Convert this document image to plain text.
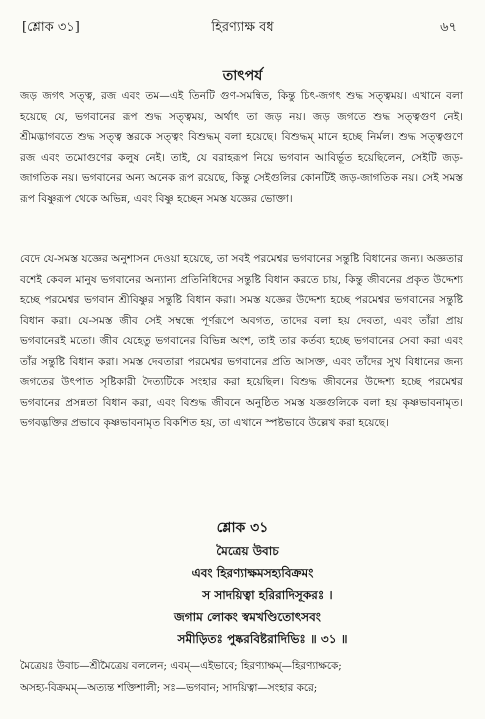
[শ্লোক ৩১]	হিরণ্যাক্ষ বধ	৬৭
তাৎপর্য
জড় জগৎ সত্ত্ব, রজ এবং তম—এই তিনটি গুণ-সমন্বিত, কিন্তু চিৎ-জগৎ শুদ্ধ সত্ত্বময়। এখানে বলা হয়েছে যে, ভগবানের রূপ শুদ্ধ সত্ত্বময়, অর্থাৎ তা জড় নয়। জড় জগতে শুদ্ধ সত্ত্বগুণ নেই। শ্রীমদ্ভাগবতে শুদ্ধ সত্ত্ব স্তরকে সত্ত্বং বিশুদ্ধম্ বলা হয়েছে। বিশুদ্ধম্ মানে হচ্ছে নির্মল। শুদ্ধ সত্ত্বগুণে রজ এবং তমোগুণের কলুষ নেই। তাই, যে বরাহরূপ নিয়ে ভগবান আবির্ভূত হয়েছিলেন, সেইটি জড়-জাগতিক নয়। ভগবানের অন্য অনেক রূপ রয়েছে, কিন্তু সেইগুলির কোনটিই জড়-জাগতিক নয়। সেই সমস্ত রূপ বিষ্ণুরূপ থেকে অভিন্ন, এবং বিষ্ণু হচ্ছেন সমস্ত যজ্ঞের ভোক্তা।
বেদে যে-সমস্ত যজ্ঞের অনুশাসন দেওয়া হয়েছে, তা সবই পরমেশ্বর ভগবানের সন্তুষ্টি বিধানের জন্য। অজ্ঞতার বশেই কেবল মানুষ ভগবানের অন্যান্য প্রতিনিধিদের সন্তুষ্টি বিধান করতে চায়, কিন্তু জীবনের প্রকৃত উদ্দেশ্য হচ্ছে পরমেশ্বর ভগবান শ্রীবিষ্ণুর সন্তুষ্টি বিধান করা। সমস্ত যজ্ঞের উদ্দেশ্য হচ্ছে পরমেশ্বর ভগবানের সন্তুষ্টি বিধান করা। যে-সমস্ত জীব সেই সম্বন্ধে পূর্ণরূপে অবগত, তাদের বলা হয় দেবতা, এবং তাঁরা প্রায় ভগবানেরই মতো। জীব যেহেতু ভগবানের বিভিন্ন অংশ, তাই তার কর্তব্য হচ্ছে ভগবানের সেবা করা এবং তাঁর সন্তুষ্টি বিধান করা। সমস্ত দেবতারা পরমেশ্বর ভগবানের প্রতি আসক্ত, এবং তাঁদের সুখ বিধানের জন্য জগতের উৎপাত সৃষ্টিকারী দৈত্যটিকে সংহার করা হয়েছিল। বিশুদ্ধ জীবনের উদ্দেশ্য হচ্ছে পরমেশ্বর ভগবানের প্রসন্নতা বিধান করা, এবং বিশুদ্ধ জীবনে অনুষ্ঠিত সমস্ত যজ্ঞগুলিকে বলা হয় কৃষ্ণভাবনামৃত। ভগবদ্ভক্তির প্রভাবে কৃষ্ণভাবনামৃত বিকশিত হয়, তা এখানে স্পষ্টভাবে উল্লেখ করা হয়েছে।
শ্লোক ৩১
মৈত্রেয় উবাচ
এবং হিরণ্যাক্ষমসহ্যবিক্রমং
স সাদয়িত্বা হরিরাদিসূকরঃ ।
জগাম লোকং স্বমখণ্ডিতোৎসবং
সমীড়িতঃ পুষ্করবিষ্টরাদিভিঃ ॥ ৩১ ॥
মৈত্রেয়ঃ উবাচ—শ্রীমৈত্রেয় বললেন; এবম্—এইভাবে; হিরণ্যাক্ষম্—হিরণ্যাক্ষকে;
অসহ্য-বিক্রমম্—অত্যন্ত শক্তিশালী; সঃ—ভগবান; সাদয়িত্বা—সংহার করে;
